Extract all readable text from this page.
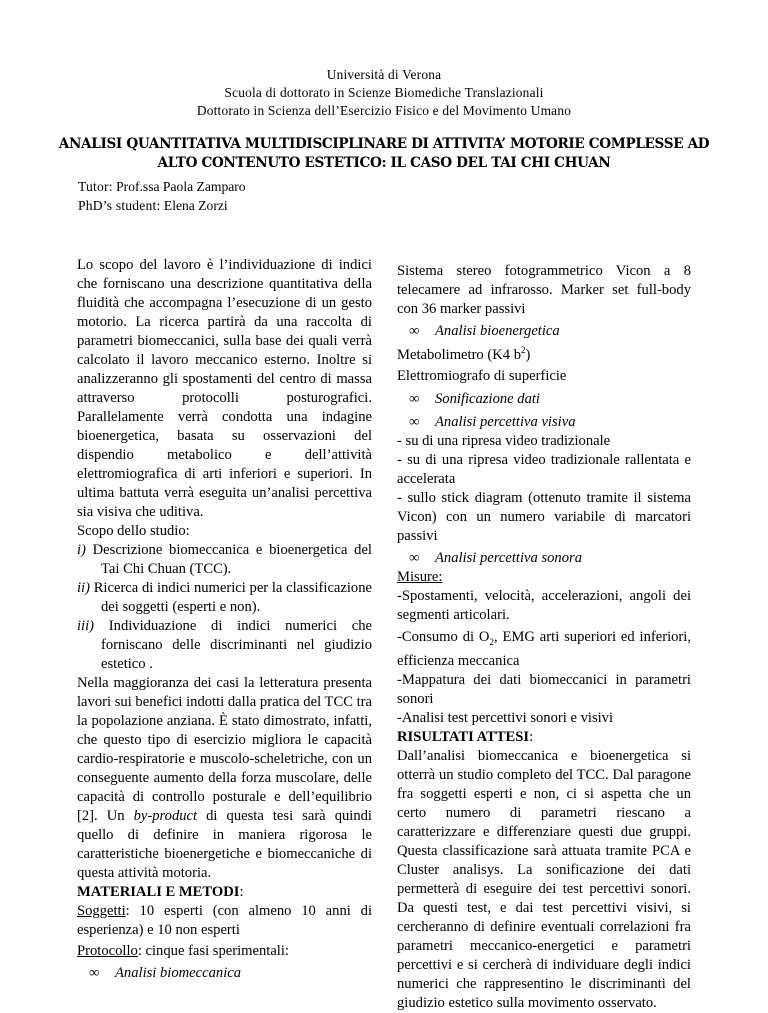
Università di Verona
Scuola di dottorato in Scienze Biomediche Translazionali
Dottorato in Scienza dell’Esercizio Fisico e del Movimento Umano
ANALISI QUANTITATIVA MULTIDISCIPLINARE DI ATTIVITA’ MOTORIE COMPLESSE AD
ALTO CONTENUTO ESTETICO: IL CASO DEL TAI CHI CHUAN
Tutor: Prof.ssa Paola Zamparo
PhD’s student: Elena Zorzi

Lo scopo del lavoro è l’individuazione di indici che forniscano una descrizione quantitativa della fluidità che accompagna l’esecuzione di un gesto motorio. La ricerca partirà da una raccolta di parametri biomeccanici, sulla base dei quali verrà calcolato il lavoro meccanico esterno. Inoltre si analizzeranno gli spostamenti del centro di massa attraverso protocolli posturografici. Parallelamente verrà condotta una indagine bioenergetica, basata su osservazioni del dispendio metabolico e dell’attività elettromiografica di arti inferiori e superiori. In ultima battuta verrà eseguita un’analisi percettiva sia visiva che uditiva.

Scopo dello studio:

i) Descrizione biomeccanica e bioenergetica del Tai Chi Chuan (TCC).

ii) Ricerca di indici numerici per la classificazione dei soggetti (esperti e non).

iii) Individuazione di indici numerici che forniscano delle discriminanti nel giudizio estetico .

Nella maggioranza dei casi la letteratura presenta lavori sui benefici indotti dalla pratica del TCC tra la popolazione anziana. È stato dimostrato, infatti, che questo tipo di esercizio migliora le capacità cardio-respiratorie e muscolo-scheletriche, con un conseguente aumento della forza muscolare, delle capacità di controllo posturale e dell’equilibrio [2]. Un by-product di questa tesi sarà quindi quello di definire in maniera rigorosa le caratteristiche bioenergetiche e biomeccaniche di questa attività motoria.

MATERIALI E METODI:

Soggetti: 10 esperti (con almeno 10 anni di esperienza) e 10 non esperti

Protocollo: cinque fasi sperimentali:

∞ Analisi biomeccanica

Sistema stereo fotogrammetrico Vicon a 8 telecamere ad infrarosso. Marker set full-body con 36 marker passivi

∞ Analisi bioenergetica

Metabolimetro (K4 $b^2$)

Elettromiografo di superficie

∞ Sonificazione dati

∞ Analisi percettiva visiva

- su di una ripresa video tradizionale

- su di una ripresa video tradizionale rallentata e accelerata

- sullo stick diagram (ottenuto tramite il sistema Vicon) con un numero variabile di marcatori passivi

∞ Analisi percettiva sonora

Misure:

-Spostamenti, velocità, accelerazioni, angoli dei segmenti articolari.

-Consumo di $O_2$, EMG arti superiori ed inferiori, efficienza meccanica

-Mappatura dei dati biomeccanici in parametri sonori

-Analisi test percettivi sonori e visivi

RISULTATI ATTESI:

Dall’analisi biomeccanica e bioenergetica si otterrà un studio completo del TCC. Dal paragone fra soggetti esperti e non, ci si aspetta che un certo numero di parametri riescano a caratterizzare e differenziare questi due gruppi. Questa classificazione sarà attuata tramite PCA e Cluster analisys. La sonificazione dei dati permetterà di eseguire dei test percettivi sonori. Da questi test, e dai test percettivi visivi, si cercheranno di definire eventuali correlazioni fra parametri meccanico-energetici e parametri percettivi e si cercherà di individuare degli indici numerici che rappresentino le discriminanti del giudizio estetico sulla movimento osservato.
